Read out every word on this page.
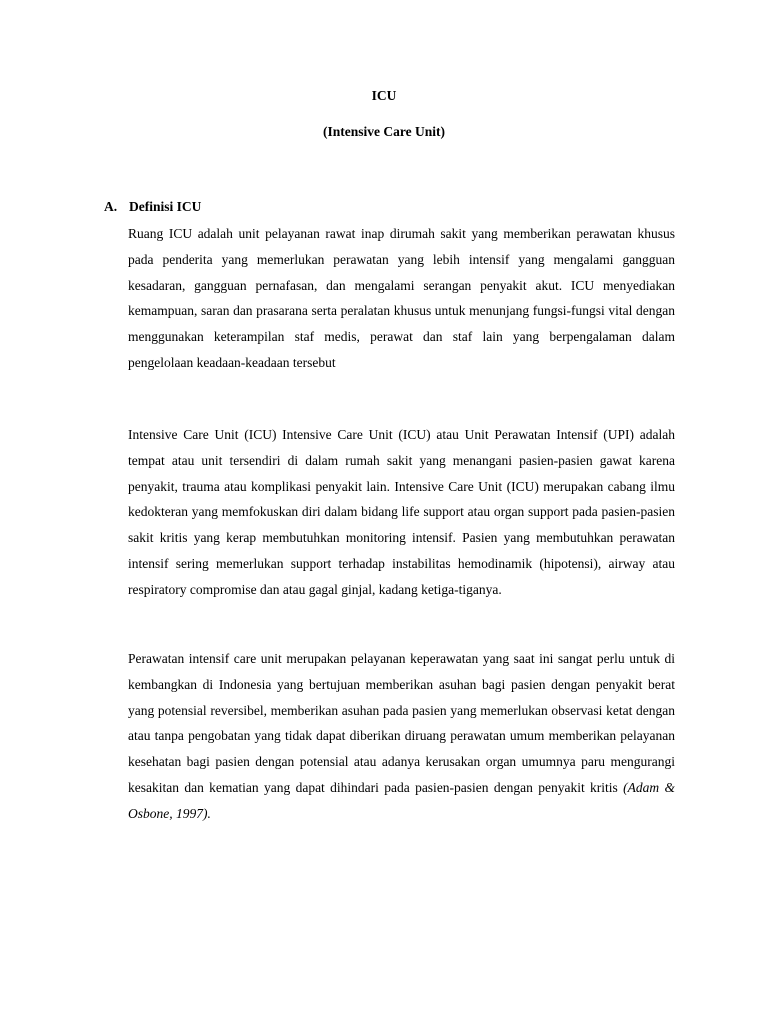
ICU
(Intensive Care Unit)
A. Definisi ICU

Ruang ICU adalah unit pelayanan rawat inap dirumah sakit yang memberikan perawatan khusus pada penderita yang memerlukan perawatan yang lebih intensif yang mengalami gangguan kesadaran, gangguan pernafasan, dan mengalami serangan penyakit akut. ICU menyediakan kemampuan, saran dan prasarana serta peralatan khusus untuk menunjang fungsi-fungsi vital dengan menggunakan keterampilan staf medis, perawat dan staf lain yang berpengalaman dalam pengelolaan keadaan-keadaan tersebut

Intensive Care Unit (ICU) Intensive Care Unit (ICU) atau Unit Perawatan Intensif (UPI) adalah tempat atau unit tersendiri di dalam rumah sakit yang menangani pasien-pasien gawat karena penyakit, trauma atau komplikasi penyakit lain. Intensive Care Unit (ICU) merupakan cabang ilmu kedokteran yang memfokuskan diri dalam bidang life support atau organ support pada pasien-pasien sakit kritis yang kerap membutuhkan monitoring intensif. Pasien yang membutuhkan perawatan intensif sering memerlukan support terhadap instabilitas hemodinamik (hipotensi), airway atau respiratory compromise dan atau gagal ginjal, kadang ketiga-tiganya.

Perawatan intensif care unit merupakan pelayanan keperawatan yang saat ini sangat perlu untuk di kembangkan di Indonesia yang bertujuan memberikan asuhan bagi pasien dengan penyakit berat yang potensial reversibel, memberikan asuhan pada pasien yang memerlukan observasi ketat dengan atau tanpa pengobatan yang tidak dapat diberikan diruang perawatan umum memberikan pelayanan kesehatan bagi pasien dengan potensial atau adanya kerusakan organ umumnya paru mengurangi kesakitan dan kematian yang dapat dihindari pada pasien-pasien dengan penyakit kritis (Adam & Osbone, 1997).
